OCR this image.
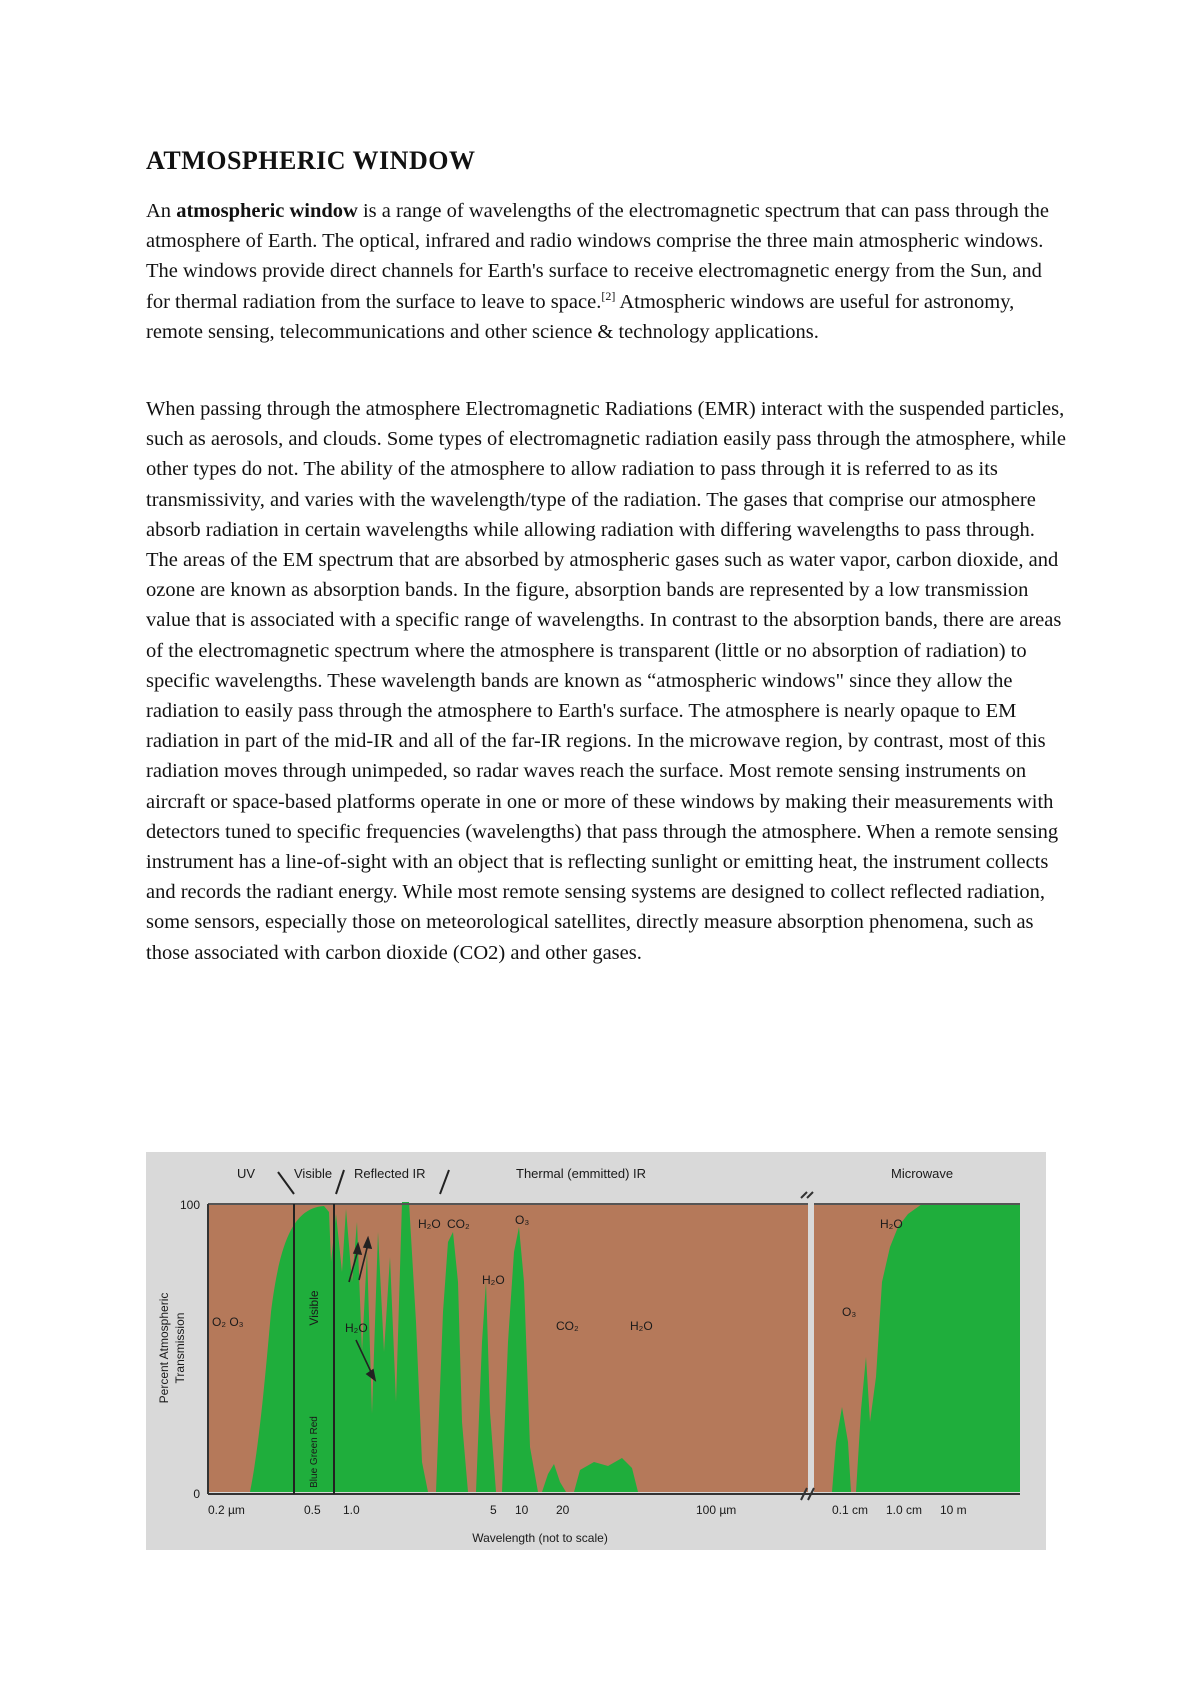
ATMOSPHERIC WINDOW

An atmospheric window is a range of wavelengths of the electromagnetic spectrum that can pass through the atmosphere of Earth. The optical, infrared and radio windows comprise the three main atmospheric windows. The windows provide direct channels for Earth's surface to receive electromagnetic energy from the Sun, and for thermal radiation from the surface to leave to space.[2] Atmospheric windows are useful for astronomy, remote sensing, telecommunications and other science & technology applications.

When passing through the atmosphere Electromagnetic Radiations (EMR) interact with the suspended particles, such as aerosols, and clouds. Some types of electromagnetic radiation easily pass through the atmosphere, while other types do not. The ability of the atmosphere to allow radiation to pass through it is referred to as its transmissivity, and varies with the wavelength/type of the radiation. The gases that comprise our atmosphere absorb radiation in certain wavelengths while allowing radiation with differing wavelengths to pass through. The areas of the EM spectrum that are absorbed by atmospheric gases such as water vapor, carbon dioxide, and ozone are known as absorption bands. In the figure, absorption bands are represented by a low transmission value that is associated with a specific range of wavelengths. In contrast to the absorption bands, there are areas of the electromagnetic spectrum where the atmosphere is transparent (little or no absorption of radiation) to specific wavelengths. These wavelength bands are known as “atmospheric windows" since they allow the radiation to easily pass through the atmosphere to Earth's surface. The atmosphere is nearly opaque to EM radiation in part of the mid-IR and all of the far-IR regions. In the microwave region, by contrast, most of this radiation moves through unimpeded, so radar waves reach the surface. Most remote sensing instruments on aircraft or space-based platforms operate in one or more of these windows by making their measurements with detectors tuned to specific frequencies (wavelengths) that pass through the atmosphere. When a remote sensing instrument has a line-of-sight with an object that is reflecting sunlight or emitting heat, the instrument collects and records the radiant energy. While most remote sensing systems are designed to collect reflected radiation, some sensors, especially those on meteorological satellites, directly measure absorption phenomena, such as those associated with carbon dioxide (CO2) and other gases.

UV	Visible Reflected IR	Thermal (emmitted) IR	Microwave
100
0
Percent Atmospheric Transmission O₂ O₃
O₃
H₂O
H₂O CO₂	O₃
H₂O
CO₂	H₂O
H₂O
Visible
Blue Green Red
0.2 µm	0.5 1.0	5 10 20	100 µm	0.1 cm 1.0 cm 10 m
Wavelength (not to scale)
